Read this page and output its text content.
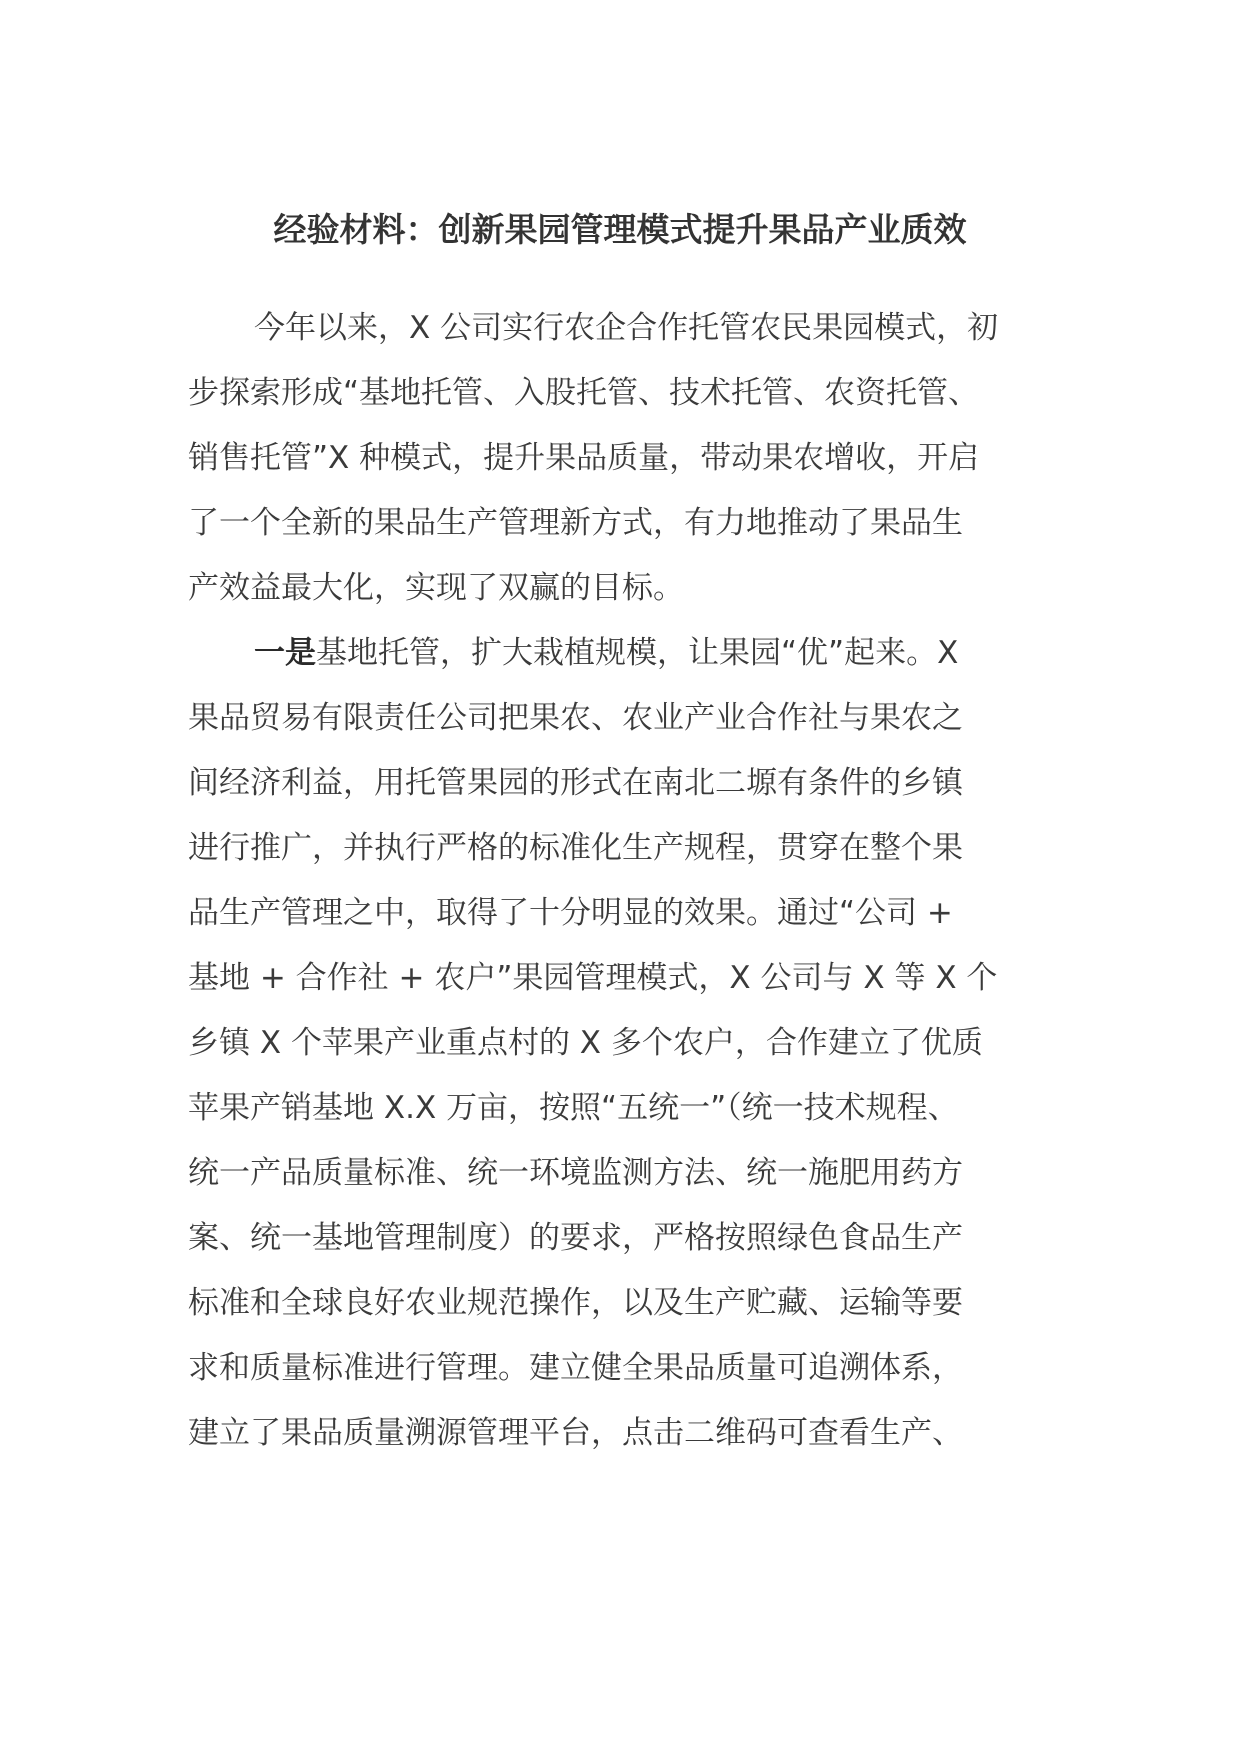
经验材料：创新果园管理模式提升果品产业质效
今年以来，X 公司实行农企合作托管农民果园模式，初
步探索形成“基地托管、入股托管、技术托管、农资托管、
销售托管”X 种模式，提升果品质量，带动果农增收，开启
了一个全新的果品生产管理新方式，有力地推动了果品生
产效益最大化，实现了双赢的目标。
一是基地托管，扩大栽植规模，让果园“优”起来。X
果品贸易有限责任公司把果农、农业产业合作社与果农之
间经济利益，用托管果园的形式在南北二塬有条件的乡镇
进行推广，并执行严格的标准化生产规程，贯穿在整个果
品生产管理之中，取得了十分明显的效果。通过“公司 +
基地 + 合作社 + 农户”果园管理模式，X 公司与 X 等 X 个
乡镇 X 个苹果产业重点村的 X 多个农户，合作建立了优质
苹果产销基地 X.X 万亩，按照“五统一”（统一技术规程、
统一产品质量标准、统一环境监测方法、统一施肥用药方
案、统一基地管理制度）的要求，严格按照绿色食品生产
标准和全球良好农业规范操作，以及生产贮藏、运输等要
求和质量标准进行管理。建立健全果品质量可追溯体系，
建立了果品质量溯源管理平台，点击二维码可查看生产、
